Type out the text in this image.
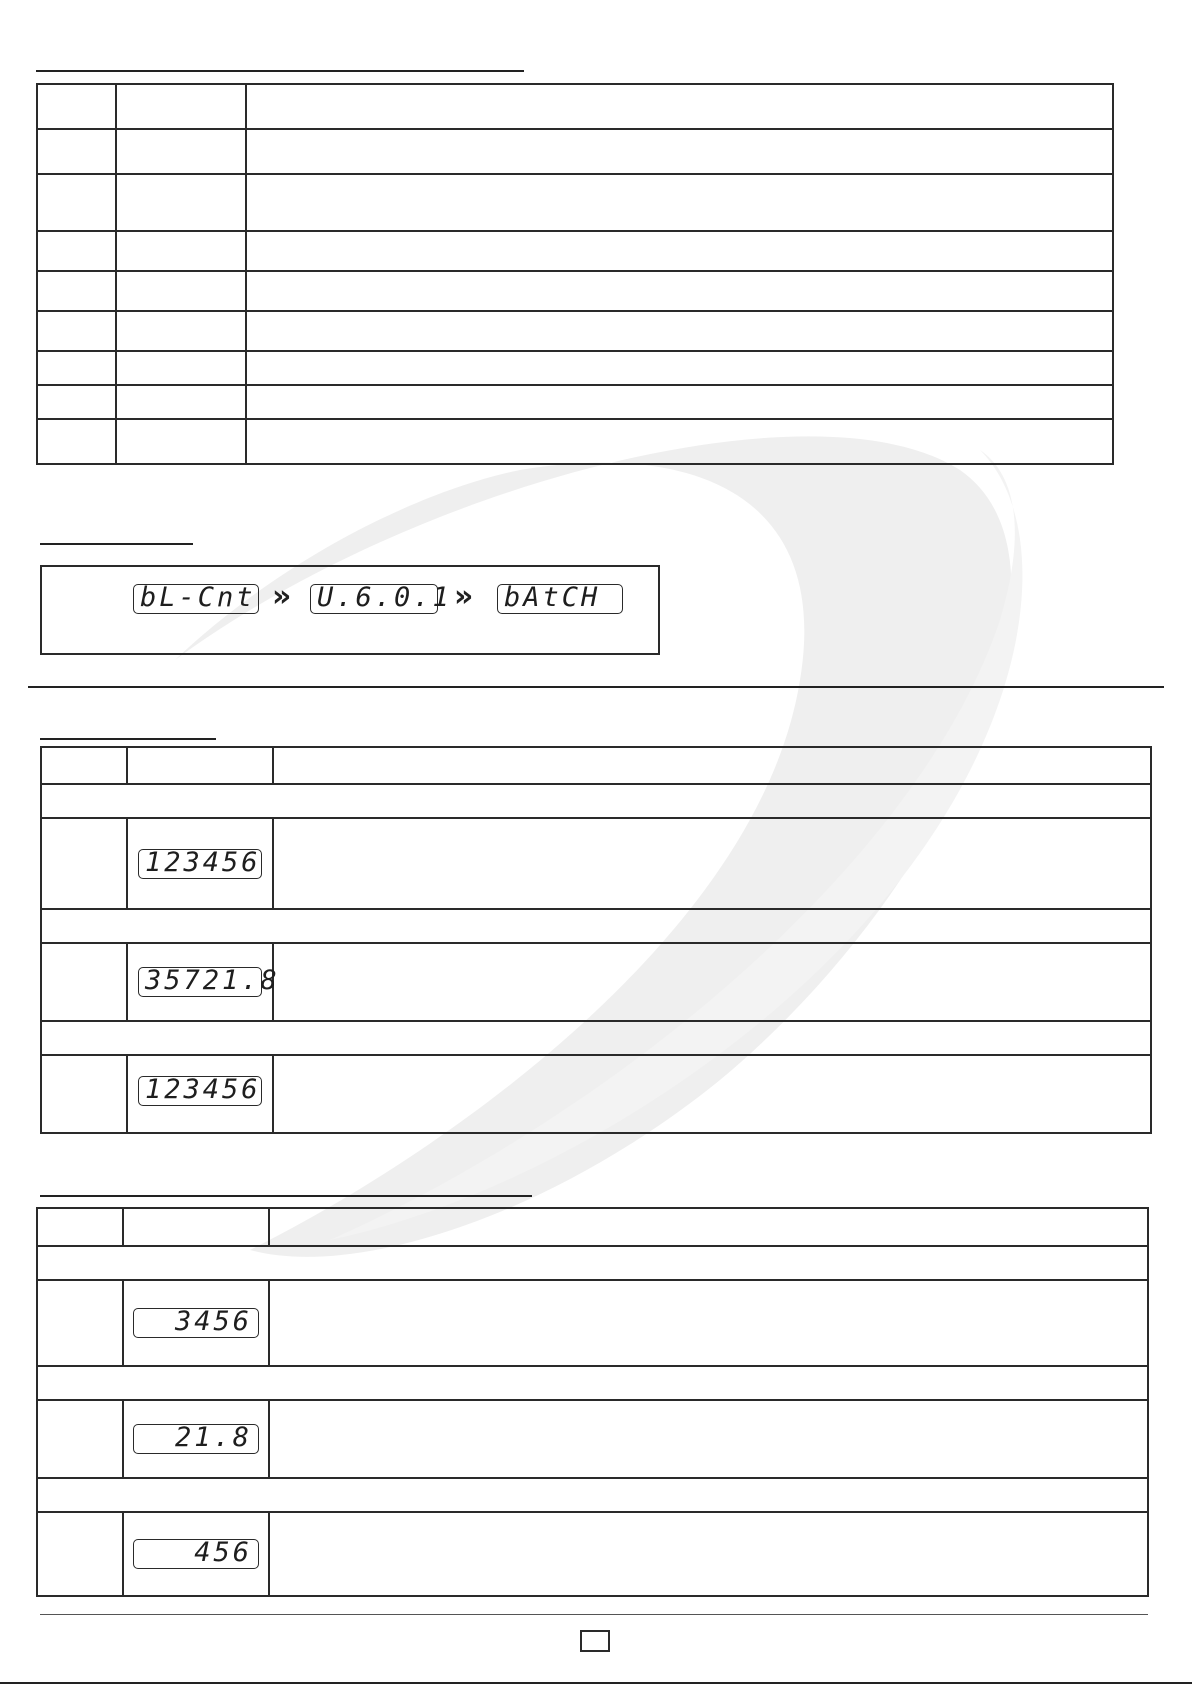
bL-Cnt » U.6.0.1 » bAtCH

	123456	

	35721.8	

	123456	

	3456	

	21.8	

	456	
